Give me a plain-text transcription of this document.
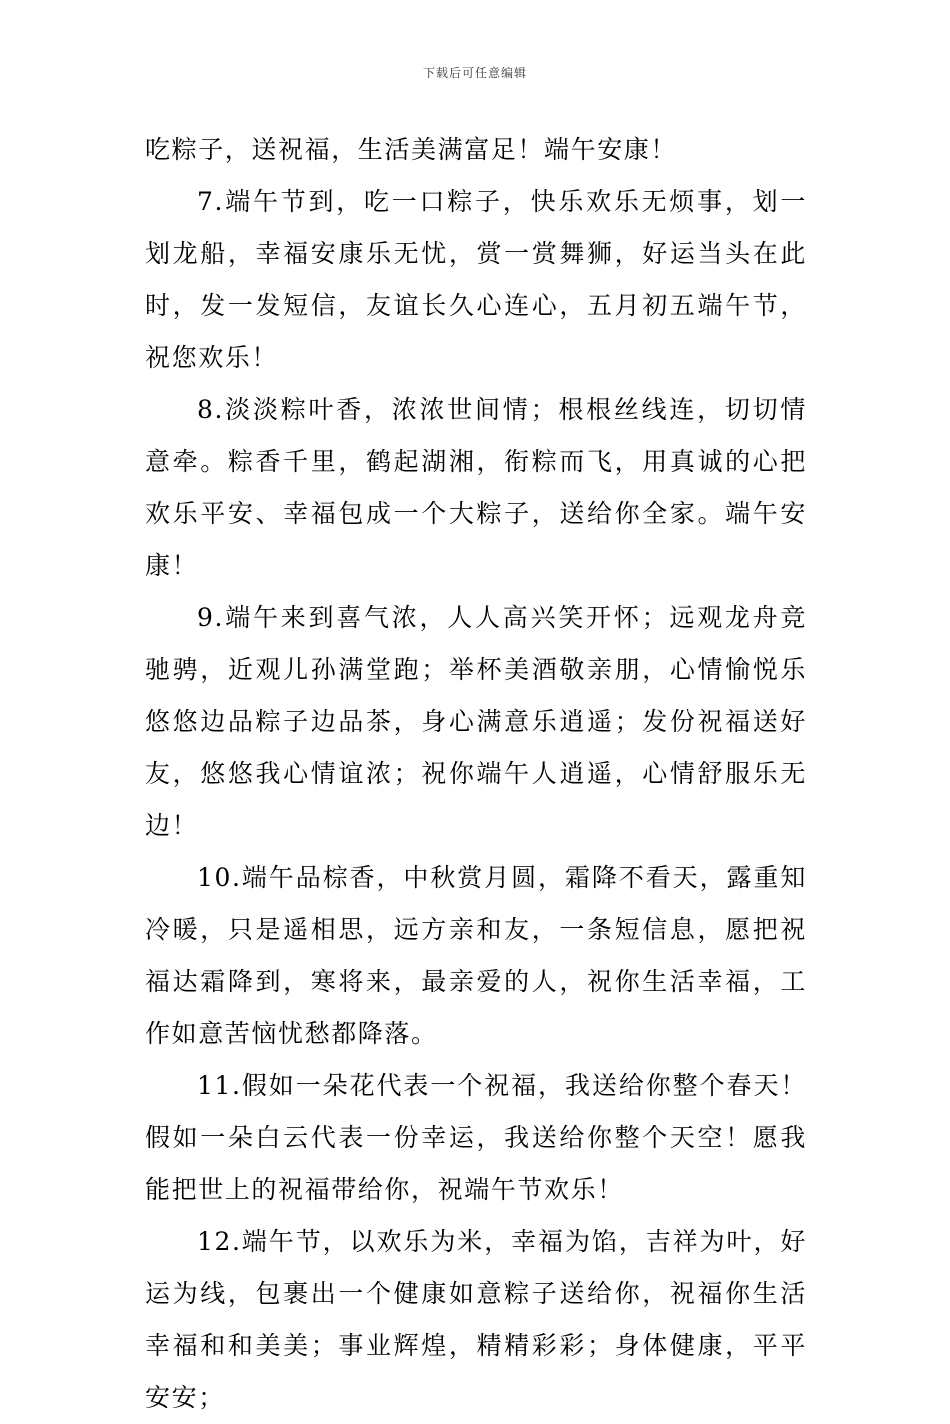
下载后可任意编辑

吃粽子，送祝福，生活美满富足！端午安康！

7.端午节到，吃一口粽子，快乐欢乐无烦事，划一划龙船，幸福安康乐无忧，赏一赏舞狮，好运当头在此时，发一发短信，友谊长久心连心，五月初五端午节，祝您欢乐！

8.淡淡粽叶香，浓浓世间情；根根丝线连，切切情意牵。粽香千里，鹤起湖湘，衔粽而飞，用真诚的心把欢乐平安、幸福包成一个大粽子，送给你全家。端午安康！

9.端午来到喜气浓，人人高兴笑开怀；远观龙舟竞驰骋，近观儿孙满堂跑；举杯美酒敬亲朋，心情愉悦乐悠悠边品粽子边品茶，身心满意乐逍遥；发份祝福送好友，悠悠我心情谊浓；祝你端午人逍遥，心情舒服乐无边！

10.端午品棕香，中秋赏月圆，霜降不看天，露重知冷暖，只是遥相思，远方亲和友，一条短信息，愿把祝福达霜降到，寒将来，最亲爱的人，祝你生活幸福，工作如意苦恼忧愁都降落。

11.假如一朵花代表一个祝福，我送给你整个春天！假如一朵白云代表一份幸运，我送给你整个天空！愿我能把世上的祝福带给你，祝端午节欢乐！

12.端午节，以欢乐为米，幸福为馅，吉祥为叶，好运为线，包裹出一个健康如意粽子送给你，祝福你生活幸福和和美美；事业辉煌，精精彩彩；身体健康，平平安安；
